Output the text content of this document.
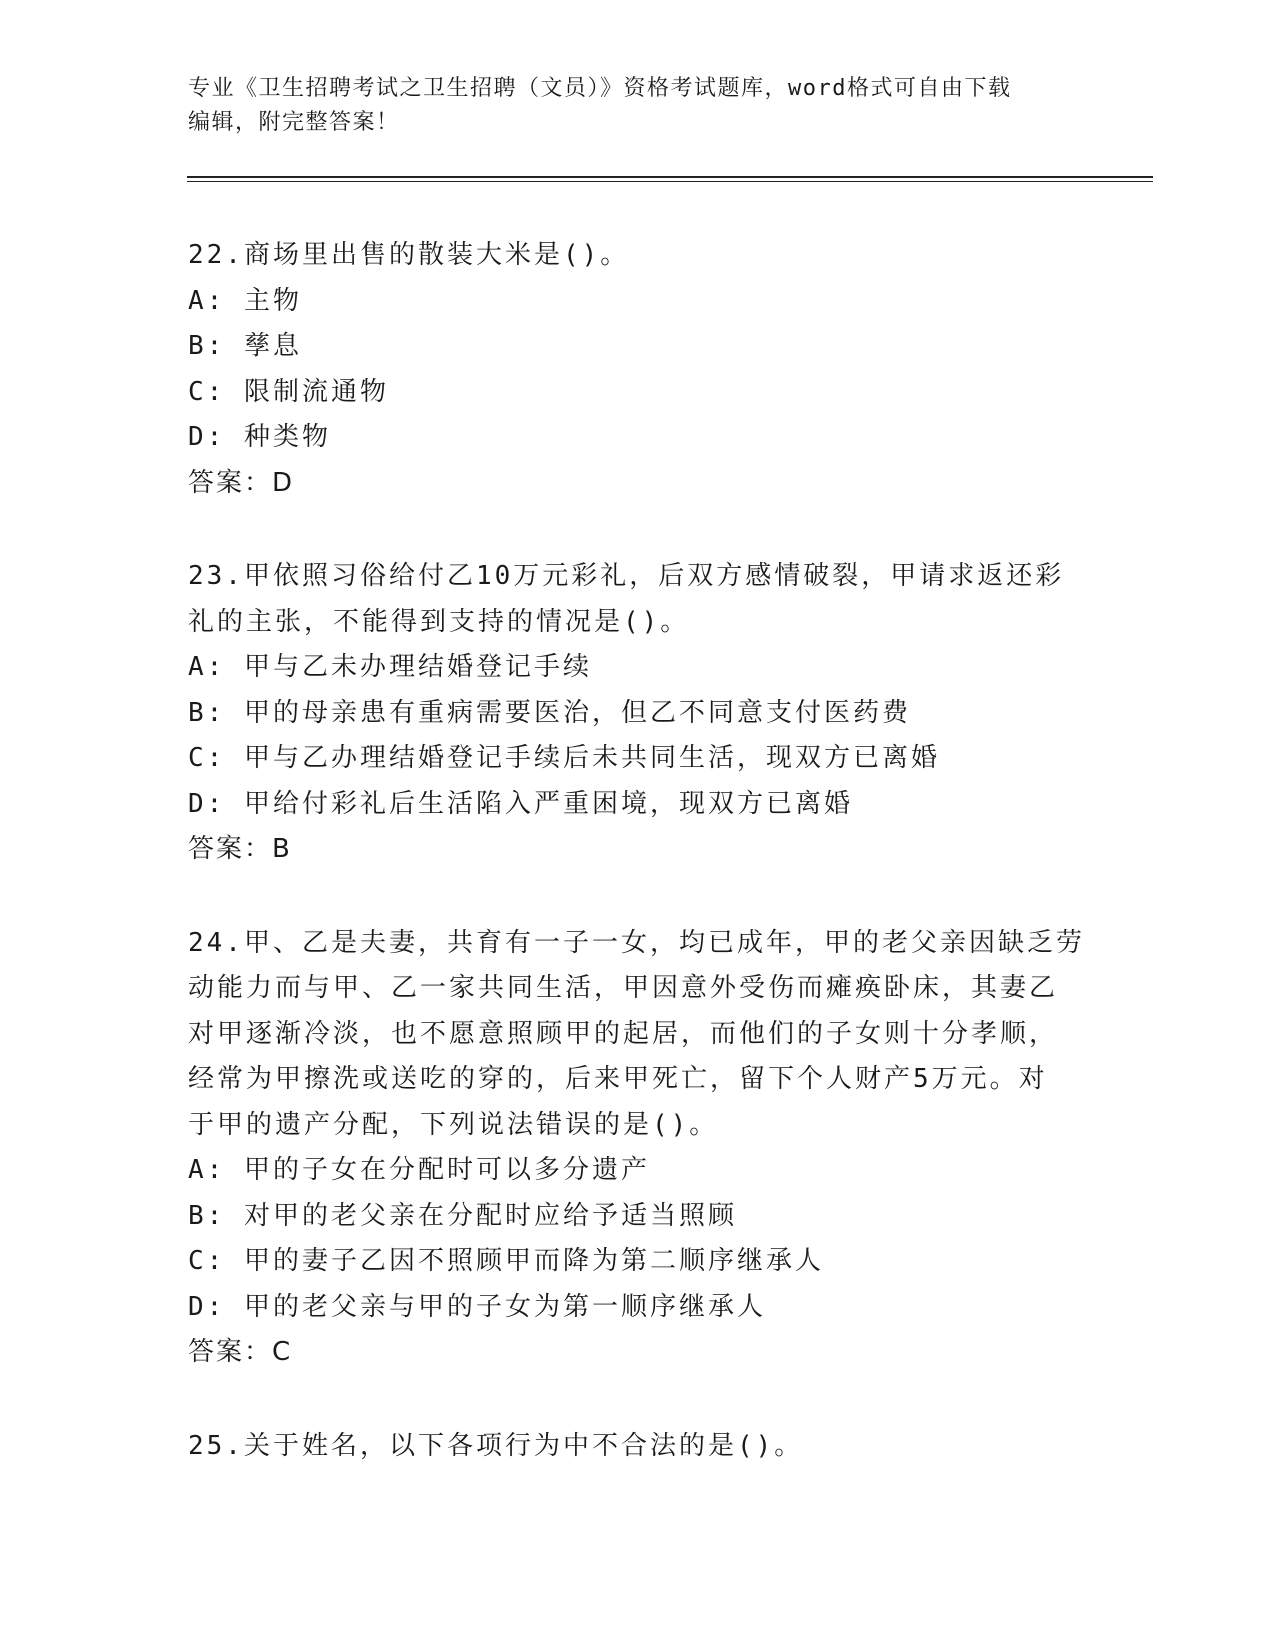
专业《卫生招聘考试之卫生招聘（文员）》资格考试题库，word格式可自由下载
编辑，附完整答案！
22.商场里出售的散装大米是()。
A: 主物
B: 孳息
C: 限制流通物
D: 种类物
答案：D
23.甲依照习俗给付乙10万元彩礼，后双方感情破裂，甲请求返还彩
礼的主张，不能得到支持的情况是()。
A: 甲与乙未办理结婚登记手续
B: 甲的母亲患有重病需要医治，但乙不同意支付医药费
C: 甲与乙办理结婚登记手续后未共同生活，现双方已离婚
D: 甲给付彩礼后生活陷入严重困境，现双方已离婚
答案：B
24.甲、乙是夫妻，共育有一子一女，均已成年，甲的老父亲因缺乏劳
动能力而与甲、乙一家共同生活，甲因意外受伤而瘫痪卧床，其妻乙
对甲逐渐冷淡，也不愿意照顾甲的起居，而他们的子女则十分孝顺，
经常为甲擦洗或送吃的穿的，后来甲死亡，留下个人财产5万元。对
于甲的遗产分配，下列说法错误的是()。
A: 甲的子女在分配时可以多分遗产
B: 对甲的老父亲在分配时应给予适当照顾
C: 甲的妻子乙因不照顾甲而降为第二顺序继承人
D: 甲的老父亲与甲的子女为第一顺序继承人
答案：C
25.关于姓名，以下各项行为中不合法的是()。
